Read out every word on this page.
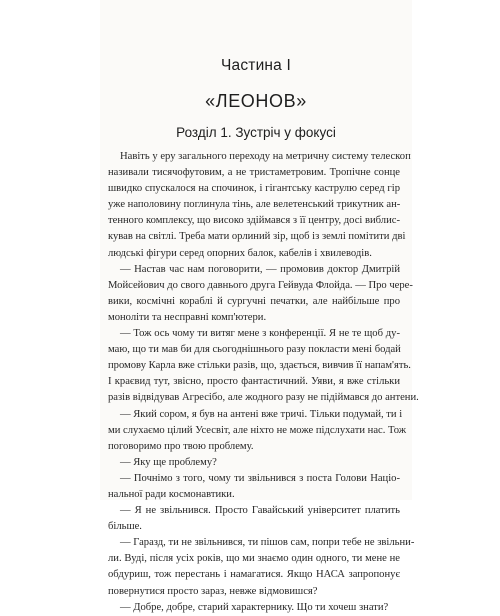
Частина I
«ЛЕОНОВ»
Розділ 1. Зустріч у фокусі
Навіть у еру загального переходу на метричну систему телескоп
називали тисячофутовим, а не тристаметровим. Тропічне сонце
швидко спускалося на спочинок, і гігантську каструлю серед гір
уже наполовину поглинула тінь, але велетенський трикутник ан-
тенного комплексу, що високо здіймався з її центру, досі виблис-
кував на світлі. Треба мати орлиний зір, щоб із землі помітити дві
людські фігури серед опорних балок, кабелів і хвилеводів.
— Настав час нам поговорити, — промовив доктор Дмитрій
Мойсейович до свого давнього друга Гейвуда Флойда. — Про чере-
вики, космічні кораблі й сургучні печатки, але найбільше про
моноліти та несправні комп'ютери.
— Тож ось чому ти витяг мене з конференції. Я не те щоб ду-
маю, що ти мав би для сьогоднішнього разу покласти мені бодай
промову Карла вже стільки разів, що, здається, вивчив її напам'ять.
І краєвид тут, звісно, просто фантастичний. Уяви, я вже стільки
разів відвідував Агресібо, але жодного разу не підіймався до антени.
— Який сором, я був на антені вже тричі. Тільки подумай, ти і
ми слухаємо цілий Усесвіт, але ніхто не може підслухати нас. Тож
поговоримо про твою проблему.
— Яку ще проблему?
— Почнімо з того, чому ти звільнився з поста Голови Націо-
нальної ради космонавтики.
— Я не звільнився. Просто Гавайський університет платить
більше.
— Гаразд, ти не звільнився, ти пішов сам, попри тебе не звільни-
ли. Вуді, після усіх років, що ми знаємо один одного, ти мене не
обдуриш, тож перестань і намагатися. Якщо НАСА запропонує
повернутися просто зараз, невже відмовишся?
— Добре, добре, старий характернику. Що ти хочеш знати?
